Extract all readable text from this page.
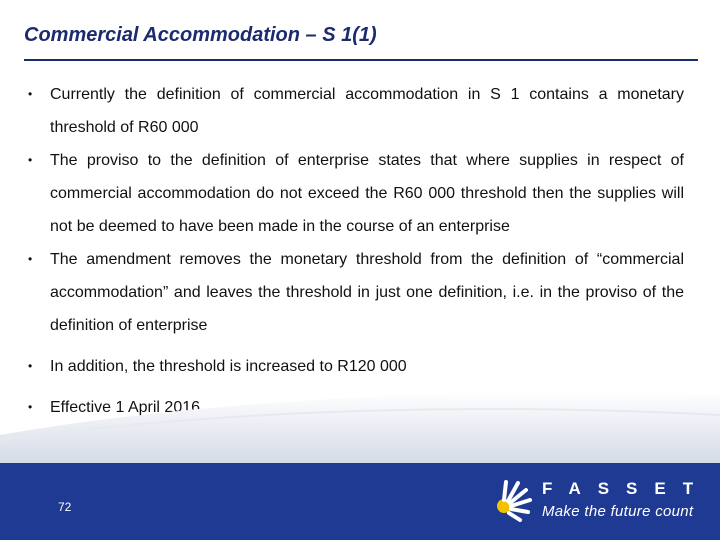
Commercial Accommodation – S 1(1)
• Currently the definition of commercial accommodation in S 1 contains a monetary threshold of R60 000
• The proviso to the definition of enterprise states that where supplies in respect of commercial accommodation do not exceed the R60 000 threshold then the supplies will not be deemed to have been made in the course of an enterprise
• The amendment removes the monetary threshold from the definition of “commercial accommodation” and leaves the threshold in just one definition, i.e. in the proviso of the definition of enterprise
• In addition, the threshold is increased to R120 000
• Effective 1 April 2016
72
FASSET
Make the future count
